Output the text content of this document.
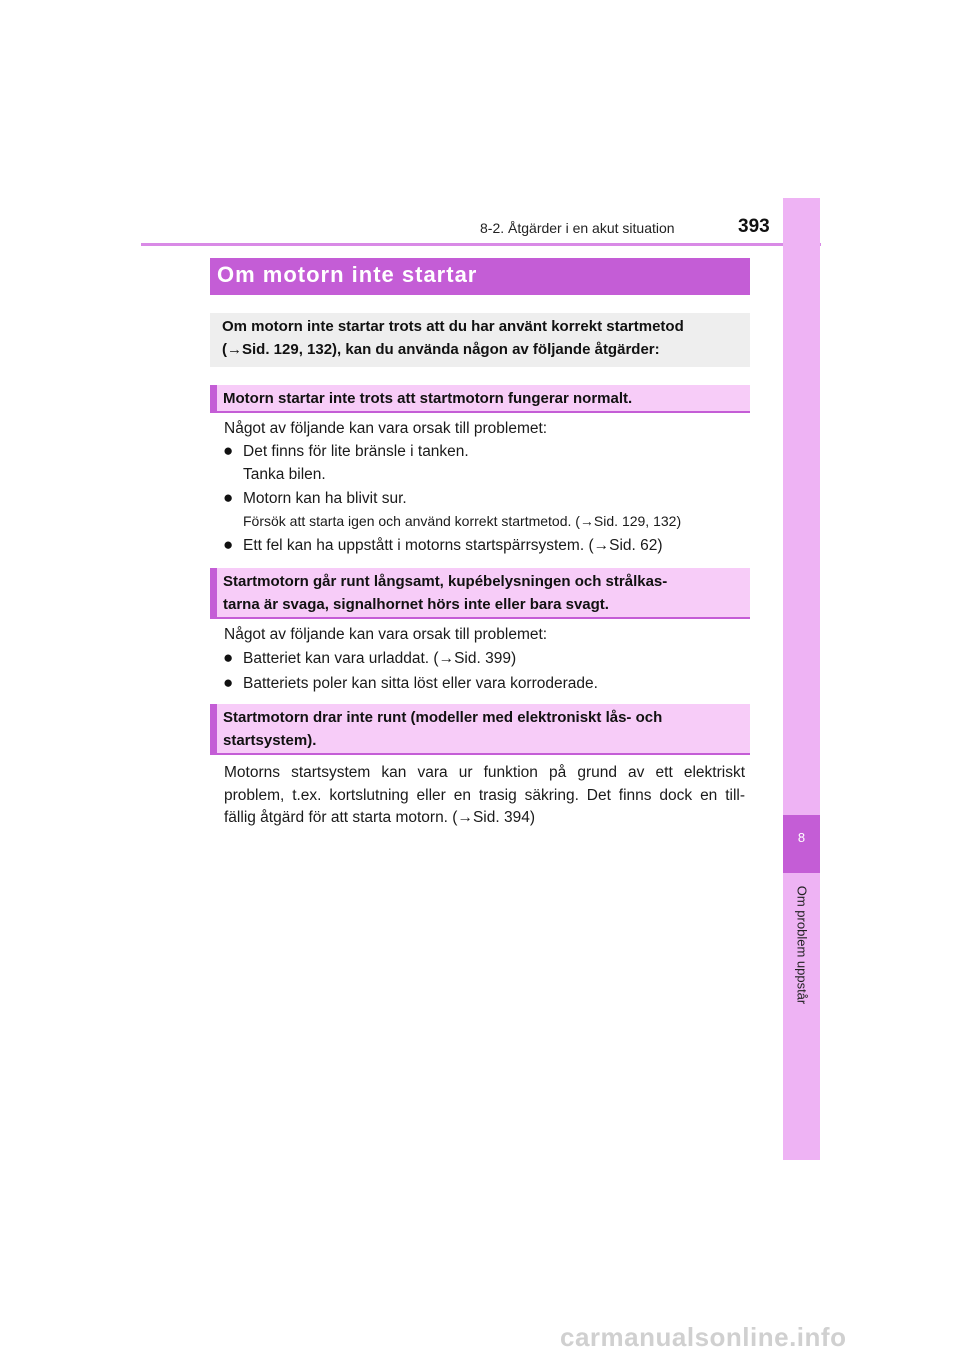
8-2. Åtgärder i en akut situation	393
8
Om problem uppstår
Om motorn inte startar
Om motorn inte startar trots att du har använt korrekt startmetod
(→Sid. 129, 132), kan du använda någon av följande åtgärder:
Motorn startar inte trots att startmotorn fungerar normalt.
Något av följande kan vara orsak till problemet:
● Det finns för lite bränsle i tanken.
Tanka bilen.
● Motorn kan ha blivit sur.
Försök att starta igen och använd korrekt startmetod. (→Sid. 129, 132)
● Ett fel kan ha uppstått i motorns startspärrsystem. (→Sid. 62)
Startmotorn går runt långsamt, kupébelysningen och strålkas-
tarna är svaga, signalhornet hörs inte eller bara svagt.
Något av följande kan vara orsak till problemet:
● Batteriet kan vara urladdat. (→Sid. 399)
● Batteriets poler kan sitta löst eller vara korroderade.
Startmotorn drar inte runt (modeller med elektroniskt lås- och
startsystem).
Motorns startsystem kan vara ur funktion på grund av ett elektriskt
problem, t.ex. kortslutning eller en trasig säkring. Det finns dock en till-
fällig åtgärd för att starta motorn. (→Sid. 394)
carmanualsonline.info
